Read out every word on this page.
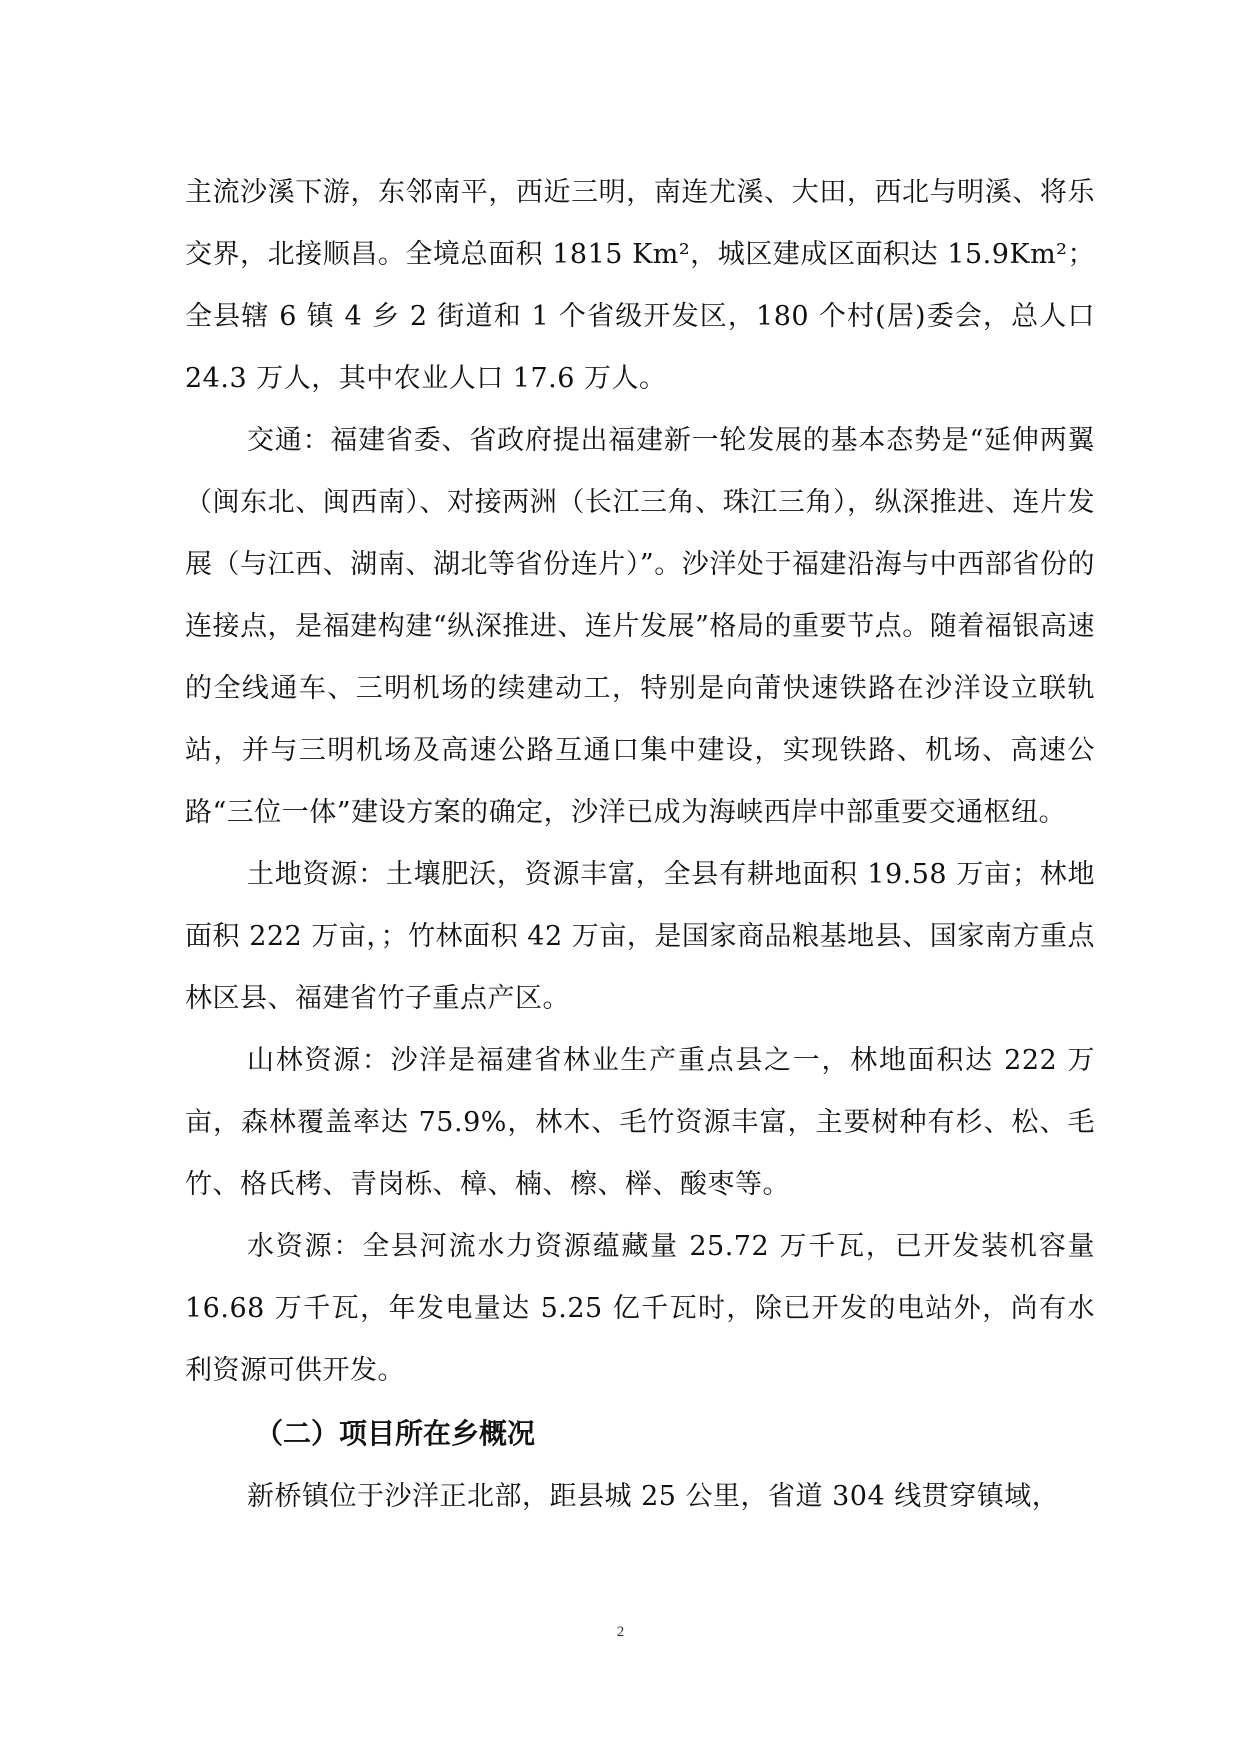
主流沙溪下游，东邻南平，西近三明，南连尤溪、大田，西北与明溪、将乐交界，北接顺昌。全境总面积 1815 Km²，城区建成区面积达 15.9Km²；全县辖 6 镇 4 乡 2 街道和 1 个省级开发区，180 个村(居)委会，总人口 24.3 万人，其中农业人口 17.6 万人。

交通：福建省委、省政府提出福建新一轮发展的基本态势是“延伸两翼（闽东北、闽西南）、对接两洲（长江三角、珠江三角），纵深推进、连片发展（与江西、湖南、湖北等省份连片）”。沙洋处于福建沿海与中西部省份的连接点，是福建构建“纵深推进、连片发展”格局的重要节点。随着福银高速的全线通车、三明机场的续建动工，特别是向莆快速铁路在沙洋设立联轨站，并与三明机场及高速公路互通口集中建设，实现铁路、机场、高速公路“三位一体”建设方案的确定，沙洋已成为海峡西岸中部重要交通枢纽。

土地资源：土壤肥沃，资源丰富，全县有耕地面积 19.58 万亩；林地面积 222 万亩，；竹林面积 42 万亩，是国家商品粮基地县、国家南方重点林区县、福建省竹子重点产区。

山林资源：沙洋是福建省林业生产重点县之一，林地面积达 222 万亩，森林覆盖率达 75.9%，林木、毛竹资源丰富，主要树种有杉、松、毛竹、格氏栲、青岗栎、樟、楠、檫、榉、酸枣等。

水资源：全县河流水力资源蕴藏量 25.72 万千瓦，已开发装机容量 16.68 万千瓦，年发电量达 5.25 亿千瓦时，除已开发的电站外，尚有水利资源可供开发。

（二）项目所在乡概况

新桥镇位于沙洋正北部，距县城 25 公里，省道 304 线贯穿镇域，

2
